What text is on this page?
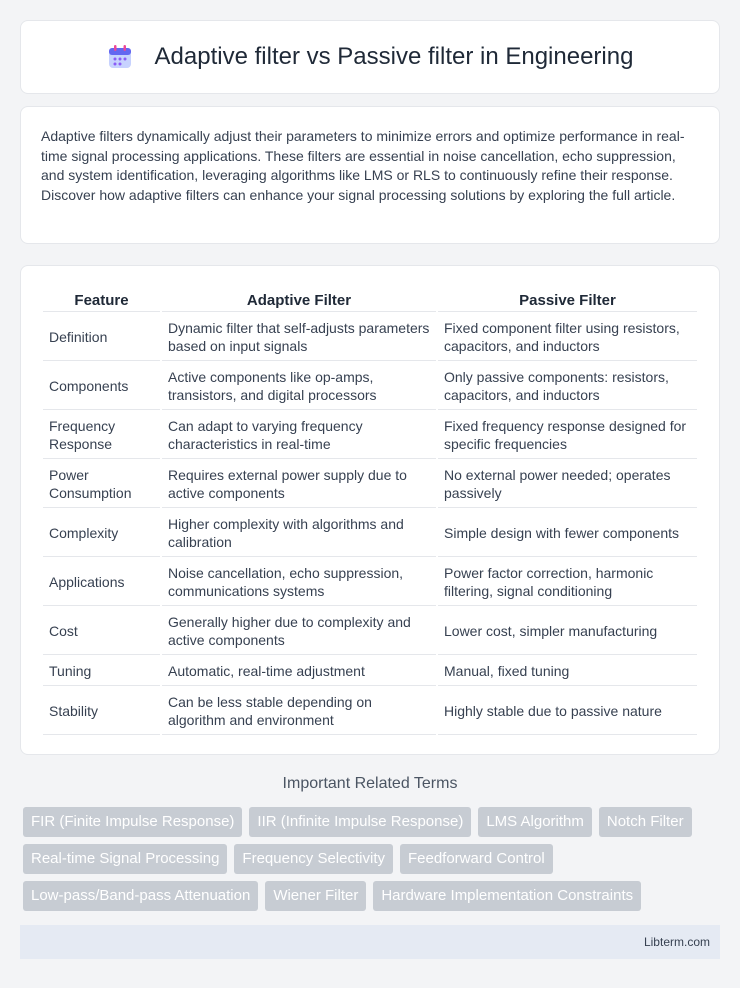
Adaptive filter vs Passive filter in Engineering

Adaptive filters dynamically adjust their parameters to minimize errors and optimize performance in real-time signal processing applications. These filters are essential in noise cancellation, echo suppression, and system identification, leveraging algorithms like LMS or RLS to continuously refine their response. Discover how adaptive filters can enhance your signal processing solutions by exploring the full article.

Feature	Adaptive Filter	Passive Filter
Definition	Dynamic filter that self-adjusts parameters based on input signals	Fixed component filter using resistors, capacitors, and inductors
Components	Active components like op-amps, transistors, and digital processors	Only passive components: resistors, capacitors, and inductors
Frequency Response	Can adapt to varying frequency characteristics in real-time	Fixed frequency response designed for specific frequencies
Power Consumption	Requires external power supply due to active components	No external power needed; operates passively
Complexity	Higher complexity with algorithms and calibration	Simple design with fewer components
Applications	Noise cancellation, echo suppression, communications systems	Power factor correction, harmonic filtering, signal conditioning
Cost	Generally higher due to complexity and active components	Lower cost, simpler manufacturing
Tuning	Automatic, real-time adjustment	Manual, fixed tuning
Stability	Can be less stable depending on algorithm and environment	Highly stable due to passive nature
Important Related Terms
FIR (Finite Impulse Response)	IIR (Infinite Impulse Response)	LMS Algorithm	Notch Filter
Real-time Signal Processing	Frequency Selectivity	Feedforward Control
Low-pass/Band-pass Attenuation	Wiener Filter	Hardware Implementation Constraints
Libterm.com
